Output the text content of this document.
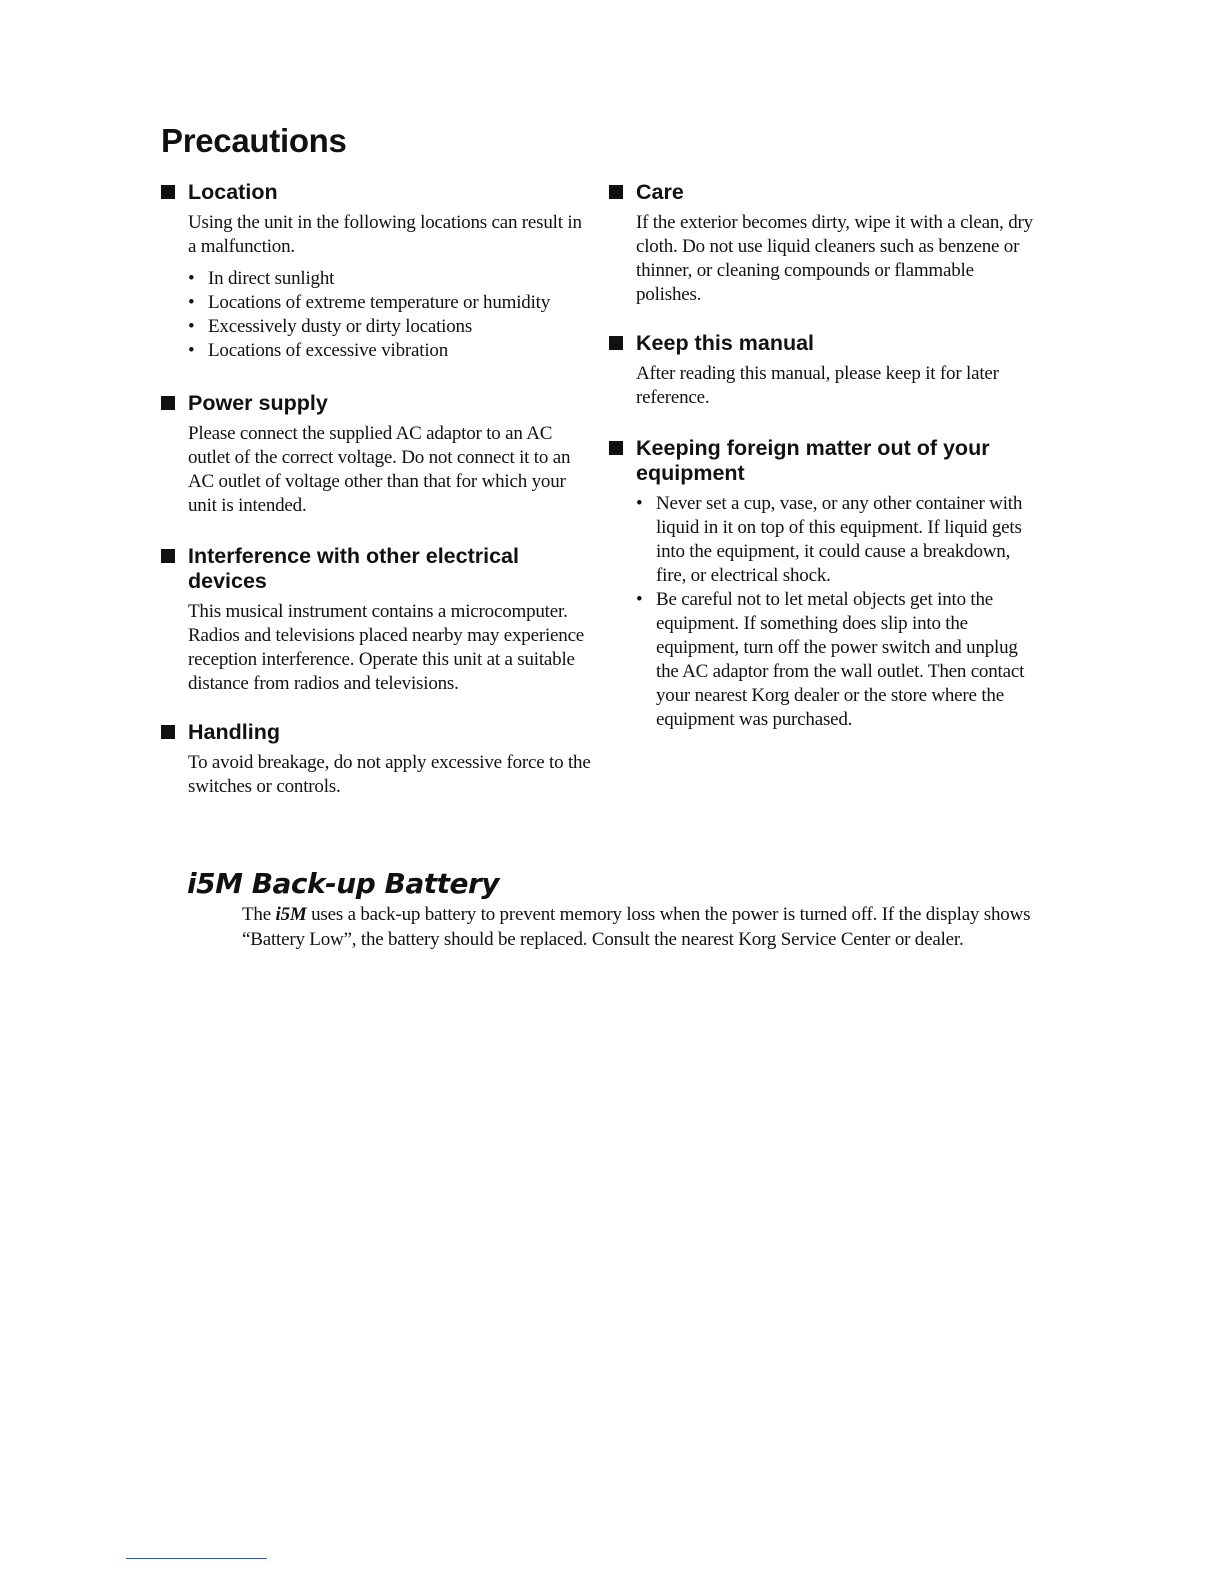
Precautions
Location

Using the unit in the following locations can result in a malfunction.

• In direct sunlight
• Locations of extreme temperature or humidity
• Excessively dusty or dirty locations
• Locations of excessive vibration
Power supply

Please connect the supplied AC adaptor to an AC outlet of the correct voltage. Do not connect it to an AC outlet of voltage other than that for which your unit is intended.

Interference with other electrical devices

This musical instrument contains a microcomputer. Radios and televisions placed nearby may experience reception interference. Operate this unit at a suitable distance from radios and televisions.

Handling

To avoid breakage, do not apply excessive force to the switches or controls.

Care

If the exterior becomes dirty, wipe it with a clean, dry cloth. Do not use liquid cleaners such as benzene or thinner, or cleaning compounds or flammable polishes.

Keep this manual

After reading this manual, please keep it for later reference.

Keeping foreign matter out of your equipment
• Never set a cup, vase, or any other container with liquid in it on top of this equipment. If liquid gets into the equipment, it could cause a breakdown, fire, or electrical shock.
• Be careful not to let metal objects get into the equipment. If something does slip into the equipment, turn off the power switch and unplug the AC adaptor from the wall outlet. Then contact your nearest Korg dealer or the store where the equipment was purchased.
i5M Back-up Battery

The i5M uses a back-up battery to prevent memory loss when the power is turned off. If the display shows “Battery Low”, the battery should be replaced. Consult the nearest Korg Service Center or dealer.
